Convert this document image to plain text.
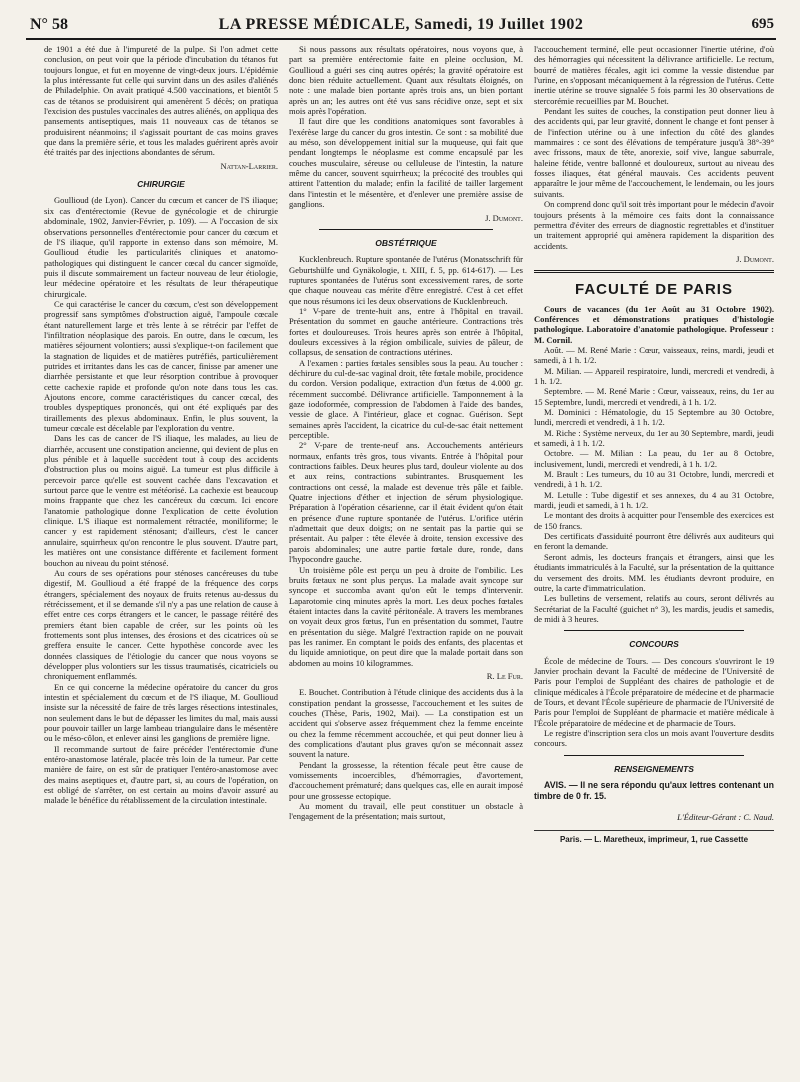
N° 58	LA PRESSE MÉDICALE, Samedi, 19 Juillet 1902	695

de 1901 a été due à l'impureté de la pulpe. Si l'on admet cette conclusion, on peut voir que la période d'incubation du tétanos fut toujours longue, et fut en moyenne de vingt-deux jours. L'épidémie la plus intéressante fut celle qui survint dans un des asiles d'aliénés de Philadelphie. On avait pratiqué 4.500 vaccinations, et bientôt 5 cas de tétanos se produisirent qui amenèrent 5 décès; on pratiqua l'excision des pustules vaccinales des autres aliénés, on appliqua des pansements antiseptiques, mais 11 nouveaux cas de tétanos se produisirent néanmoins; il s'agissait pourtant de cas moins graves que dans la première série, et tous les malades guérirent après avoir été traités par des injections abondantes de sérum.

Nattan-Larrier.
CHIRURGIE

Goullioud (de Lyon). Cancer du cœcum et cancer de l'S iliaque; six cas d'entérectomie (Revue de gynécologie et de chirurgie abdominale, 1902, Janvier-Février, p. 109). — A l'occasion de six observations personnelles d'entérectomie pour cancer du cœcum et de l'S iliaque, qu'il rapporte in extenso dans son mémoire, M. Goullioud étudie les particularités cliniques et anatomo-pathologiques qui distinguent le cancer cœcal du cancer sigmoïde, puis il discute sommairement un facteur nouveau de leur étiologie, leur médecine opératoire et les résultats de leur thérapeutique chirurgicale.

Ce qui caractérise le cancer du cœcum, c'est son développement progressif sans symptômes d'obstruction aiguë, l'ampoule cœcale étant naturellement large et très lente à se rétrécir par l'effet de l'infiltration néoplasique des parois. En outre, dans le cœcum, les matières séjournent volontiers; aussi s'explique-t-on facilement que la stagnation de liquides et de matières putréfiés, particulièrement putrides et irritantes dans les cas de cancer, finisse par amener une diarrhée persistante et que leur résorption contribue à provoquer cette cachexie rapide et profonde qu'on note dans tous les cas. Ajoutons encore, comme caractéristiques du cancer cœcal, des troubles dyspeptiques prononcés, qui ont été expliqués par des tiraillements des plexus abdominaux. Enfin, le plus souvent, la tumeur cœcale est décelable par l'exploration du ventre.

Dans les cas de cancer de l'S iliaque, les malades, au lieu de diarrhée, accusent une constipation ancienne, qui devient de plus en plus pénible et à laquelle succèdent tout à coup des accidents d'obstruction plus ou moins aiguë. La tumeur est plus difficile à percevoir parce qu'elle est souvent cachée dans l'excavation et surtout parce que le ventre est météorisé. La cachexie est beaucoup moins frappante que chez les cancéreux du cœcum. Ici encore l'anatomie pathologique donne l'explication de cette évolution clinique. L'S iliaque est normalement rétractée, moniliforme; le cancer y est rapidement sténosant; d'ailleurs, c'est le cancer annulaire, squirrheux qu'on rencontre le plus souvent. D'autre part, les matières ont une consistance différente et facilement forment bouchon au niveau du point sténosé.

Au cours de ses opérations pour sténoses cancéreuses du tube digestif, M. Goullioud a été frappé de la fréquence des corps étrangers, spécialement des noyaux de fruits retenus au-dessus du rétrécissement, et il se demande s'il n'y a pas une relation de cause à effet entre ces corps étrangers et le cancer, le passage réitéré des premiers étant bien capable de créer, sur les points où les frottements sont plus intenses, des érosions et des cicatrices où se greffera ensuite le cancer. Cette hypothèse concorde avec les données classiques de l'étiologie du cancer que nous voyons se développer plus volontiers sur les tissus traumatisés, cicatriciels ou chroniquement enflammés.

En ce qui concerne la médecine opératoire du cancer du gros intestin et spécialement du cœcum et de l'S iliaque, M. Goullioud insiste sur la nécessité de faire de très larges résections intestinales, non seulement dans le but de dépasser les limites du mal, mais aussi pour pouvoir tailler un large lambeau triangulaire dans le mésentère ou le méso-côlon, et enlever ainsi les ganglions de première ligne.

Il recommande surtout de faire précéder l'entérectomie d'une entéro-anastomose latérale, placée très loin de la tumeur. Par cette manière de faire, on est sûr de pratiquer l'entéro-anastomose avec des mains aseptiques et, d'autre part, si, au cours de l'opération, on est obligé de s'arrêter, on est certain au moins d'avoir assuré au malade le bénéfice du rétablissement de la circulation intestinale.

Si nous passons aux résultats opératoires, nous voyons que, à part sa première entérectomie faite en pleine occlusion, M. Goullioud a guéri ses cinq autres opérés; la gravité opératoire est donc bien réduite actuellement. Quant aux résultats éloignés, on note : une malade bien portante après trois ans, un bien portant après un an; les autres ont été vus sans récidive onze, sept et six mois après l'opération.

Il faut dire que les conditions anatomiques sont favorables à l'exérèse large du cancer du gros intestin. Ce sont : sa mobilité due au méso, son développement initial sur la muqueuse, qui fait que pendant longtemps le néoplasme est comme encapsulé par les couches musculaire, séreuse ou celluleuse de l'intestin, la nature même du cancer, souvent squirrheux; la précocité des troubles qui attirent l'attention du malade; enfin la facilité de tailler largement dans l'intestin et le mésentère, et d'enlever une première assise de ganglions.

J. Dumont.
OBSTÉTRIQUE

Kucklenbreuch. Rupture spontanée de l'utérus (Monatsschrift für Geburtshülfe und Gynäkologie, t. XIII, f. 5, pp. 614-617). — Les ruptures spontanées de l'utérus sont excessivement rares, de sorte que chaque nouveau cas mérite d'être enregistré. C'est à cet effet que nous résumons ici les deux observations de Kucklenbreuch.

1° V-pare de trente-huit ans, entre à l'hôpital en travail. Présentation du sommet en gauche antérieure. Contractions très fortes et douloureuses. Trois heures après son entrée à l'hôpital, douleurs excessives à la région ombilicale, suivies de pâleur, de collapsus, de sensation de contractions utérines.

A l'examen : parties fœtales sensibles sous la peau. Au toucher : déchirure du cul-de-sac vaginal droit, tête fœtale mobile, procidence du cordon. Version podalique, extraction d'un fœtus de 4.000 gr. récemment succombé. Délivrance artificielle. Tamponnement à la gaze iodoformée, compression de l'abdomen à l'aide des bandes, vessie de glace. A l'intérieur, glace et cognac. Guérison. Sept semaines après l'accident, la cicatrice du cul-de-sac était nettement perceptible.

2° V-pare de trente-neuf ans. Accouchements antérieurs normaux, enfants très gros, tous vivants. Entrée à l'hôpital pour contractions faibles. Deux heures plus tard, douleur violente au dos et aux reins, contractions subintrantes. Brusquement les contractions ont cessé, la malade est devenue très pâle et faible. Quatre injections d'éther et injection de sérum physiologique. Préparation à l'opération césarienne, car il était évident qu'on était en présence d'une rupture spontanée de l'utérus. L'orifice utérin n'admettait que deux doigts; on ne sentait pas la partie qui se présentait. Au palper : tête élevée à droite, tension excessive des parois abdominales; une autre partie fœtale dure, ronde, dans l'hypocondre gauche.

Un troisième pôle est perçu un peu à droite de l'ombilic. Les bruits fœtaux ne sont plus perçus. La malade avait syncope sur syncope et succomba avant qu'on eût le temps d'intervenir. Laparotomie cinq minutes après la mort. Les deux poches fœtales étaient intactes dans la cavité péritonéale. A travers les membranes on voyait deux gros fœtus, l'un en présentation du sommet, l'autre en présentation du siège. Malgré l'extraction rapide on ne pouvait pas les ranimer. En comptant le poids des enfants, des placentas et du liquide amniotique, on peut dire que la malade portait dans son abdomen au moins 10 kilogrammes.

R. Le Fur.

E. Bouchet. Contribution à l'étude clinique des accidents dus à la constipation pendant la grossesse, l'accouchement et les suites de couches (Thèse, Paris, 1902, Mai). — La constipation est un accident qui s'observe assez fréquemment chez la femme enceinte ou chez la femme récemment accouchée, et qui peut donner lieu à des complications d'autant plus graves qu'on se méconnait assez souvent la nature.

Pendant la grossesse, la rétention fécale peut être cause de vomissements incoercibles, d'hémorragies, d'avortement, d'accouchement prématuré; dans quelques cas, elle en aurait imposé pour une grossesse ectopique.

Au moment du travail, elle peut constituer un obstacle à l'engagement de la présentation; mais surtout,

l'accouchement terminé, elle peut occasionner l'inertie utérine, d'où des hémorragies qui nécessitent la délivrance artificielle. Le rectum, bourré de matières fécales, agit ici comme la vessie distendue par l'urine, en s'opposant mécaniquement à la régression de l'utérus. Cette inertie utérine se trouve signalée 5 fois parmi les 30 observations de stercorémie recueillies par M. Bouchet.

Pendant les suites de couches, la constipation peut donner lieu à des accidents qui, par leur gravité, donnent le change et font penser à de l'infection utérine ou à une infection du côté des glandes mammaires : ce sont des élévations de température jusqu'à 38°-39° avec frissons, maux de tête, anorexie, soif vive, langue saburrale, haleine fétide, ventre ballonné et douloureux, surtout au niveau des fosses iliaques, état général mauvais. Ces accidents peuvent apparaître le jour même de l'accouchement, le lendemain, ou les jours suivants.

On comprend donc qu'il soit très important pour le médecin d'avoir toujours présents à la mémoire ces faits dont la connaissance permettra d'éviter des erreurs de diagnostic regrettables et d'instituer un traitement approprié qui amènera rapidement la disparition des accidents.

J. Dumont.
FACULTÉ DE PARIS

Cours de vacances (du 1er Août au 31 Octobre 1902). Conférences et démonstrations pratiques d'histologie pathologique. Laboratoire d'anatomie pathologique. Professeur : M. Cornil.

Août. — M. René Marie : Cœur, vaisseaux, reins, mardi, jeudi et samedi, à 1 h. 1/2.

M. Milian. — Appareil respiratoire, lundi, mercredi et vendredi, à 1 h. 1/2.

Septembre. — M. René Marie : Cœur, vaisseaux, reins, du 1er au 15 Septembre, lundi, mercredi et vendredi, à 1 h. 1/2.

M. Dominici : Hématologie, du 15 Septembre au 30 Octobre, lundi, mercredi et vendredi, à 1 h. 1/2.

M. Riche : Système nerveux, du 1er au 30 Septembre, mardi, jeudi et samedi, à 1 h. 1/2.

Octobre. — M. Milian : La peau, du 1er au 8 Octobre, inclusivement, lundi, mercredi et vendredi, à 1 h. 1/2.

M. Brault : Les tumeurs, du 10 au 31 Octobre, lundi, mercredi et vendredi, à 1 h. 1/2.

M. Letulle : Tube digestif et ses annexes, du 4 au 31 Octobre, mardi, jeudi et samedi, à 1 h. 1/2.

Le montant des droits à acquitter pour l'ensemble des exercices est de 150 francs.

Des certificats d'assiduité pourront être délivrés aux auditeurs qui en feront la demande.

Seront admis, les docteurs français et étrangers, ainsi que les étudiants immatriculés à la Faculté, sur la présentation de la quittance du versement des droits. MM. les étudiants devront produire, en outre, la carte d'immatriculation.

Les bulletins de versement, relatifs au cours, seront délivrés au Secrétariat de la Faculté (guichet n° 3), les mardis, jeudis et samedis, de midi à 3 heures.

CONCOURS

École de médecine de Tours. — Des concours s'ouvriront le 19 Janvier prochain devant la Faculté de médecine de l'Université de Paris pour l'emploi de Suppléant des chaires de pathologie et de clinique médicales à l'École préparatoire de médecine et de pharmacie de Tours, et devant l'École supérieure de pharmacie de l'Université de Paris pour l'emploi de Suppléant de pharmacie et matière médicale à l'École préparatoire de médecine et de pharmacie de Tours.

Le registre d'inscription sera clos un mois avant l'ouverture desdits concours.

RENSEIGNEMENTS

AVIS. — Il ne sera répondu qu'aux lettres contenant un timbre de 0 fr. 15.

L'Éditeur-Gérant : C. Naud.
Paris. — L. Maretheux, imprimeur, 1, rue Cassette
